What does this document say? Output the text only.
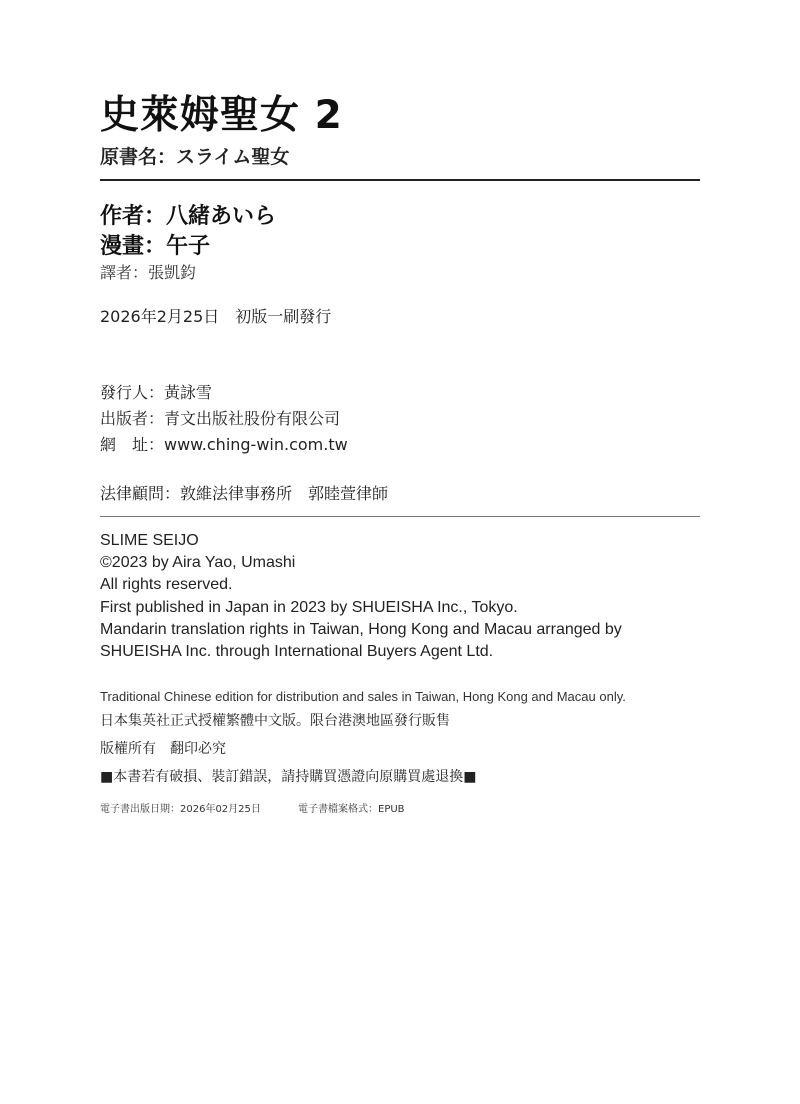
史萊姆聖女 2
原書名：スライム聖女
作者：八緒あいら
漫畫：午子
譯者：張凱鈞
2026年2月25日　初版一刷發行
發行人：黃詠雪
出版者：青文出版社股份有限公司
網　址：www.ching-win.com.tw
法律顧問：敦維法律事務所　郭睦萱律師
SLIME SEIJO
©2023 by Aira Yao, Umashi
All rights reserved.
First published in Japan in 2023 by SHUEISHA Inc., Tokyo.
Mandarin translation rights in Taiwan, Hong Kong and Macau arranged by
SHUEISHA Inc. through International Buyers Agent Ltd.
Traditional Chinese edition for distribution and sales in Taiwan, Hong Kong and Macau only.
日本集英社正式授權繁體中文版。限台港澳地區發行販售
版權所有　翻印必究
■本書若有破損、裝訂錯誤，請持購買憑證向原購買處退換■
電子書出版日期：2026年02月25日	電子書檔案格式：EPUB
